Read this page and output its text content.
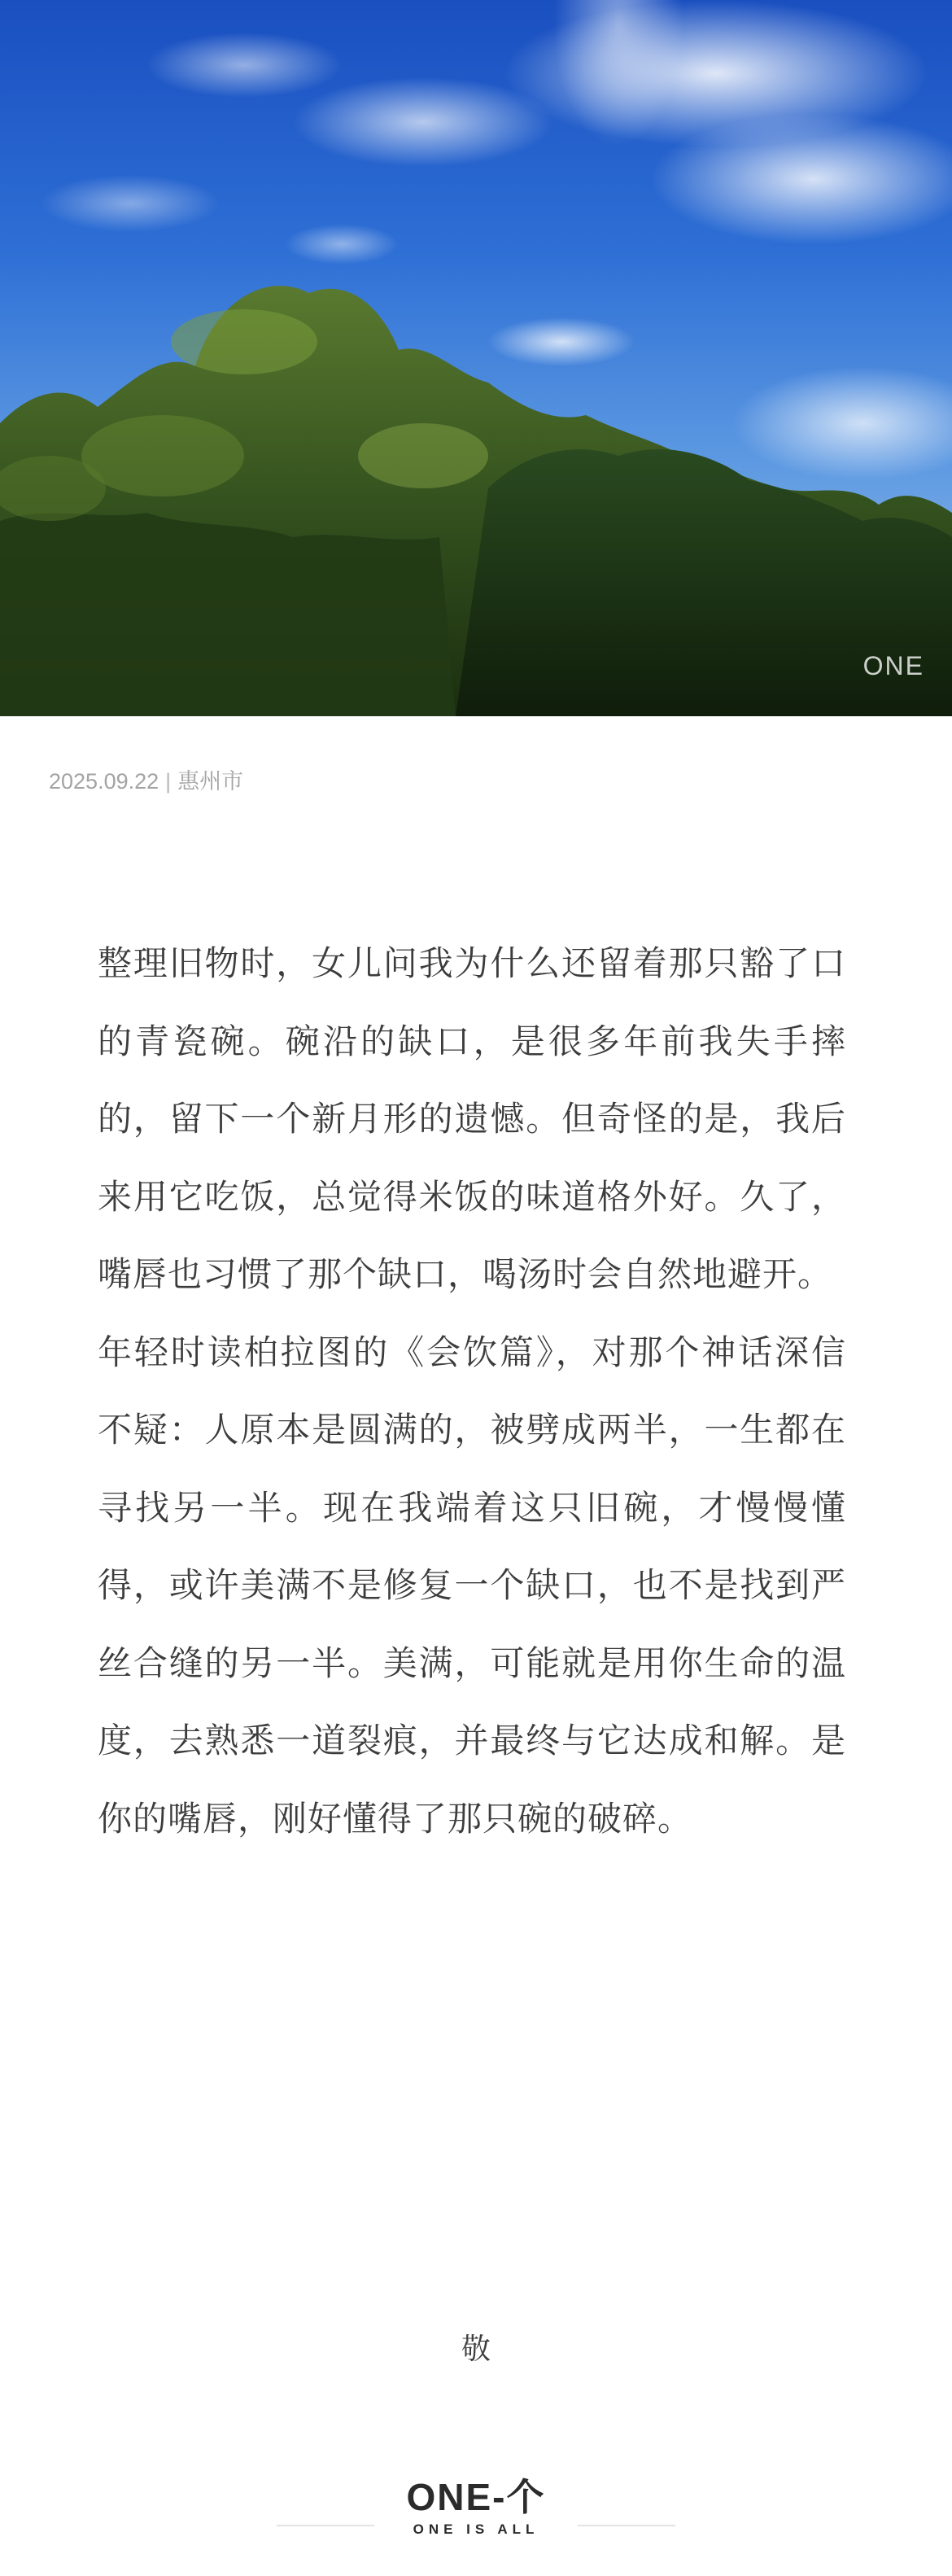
ONE
2025.09.22 | 惠州市

整理旧物时，女儿问我为什么还留着那只豁了口的青瓷碗。碗沿的缺口，是很多年前我失手摔的，留下一个新月形的遗憾。但奇怪的是，我后来用它吃饭，总觉得米饭的味道格外好。久了，嘴唇也习惯了那个缺口，喝汤时会自然地避开。

年轻时读柏拉图的《会饮篇》，对那个神话深信不疑：人原本是圆满的，被劈成两半，一生都在寻找另一半。现在我端着这只旧碗，才慢慢懂得，或许美满不是修复一个缺口，也不是找到严丝合缝的另一半。美满，可能就是用你生命的温度，去熟悉一道裂痕，并最终与它达成和解。是你的嘴唇，刚好懂得了那只碗的破碎。

敬
ONE-个
ONE IS ALL
